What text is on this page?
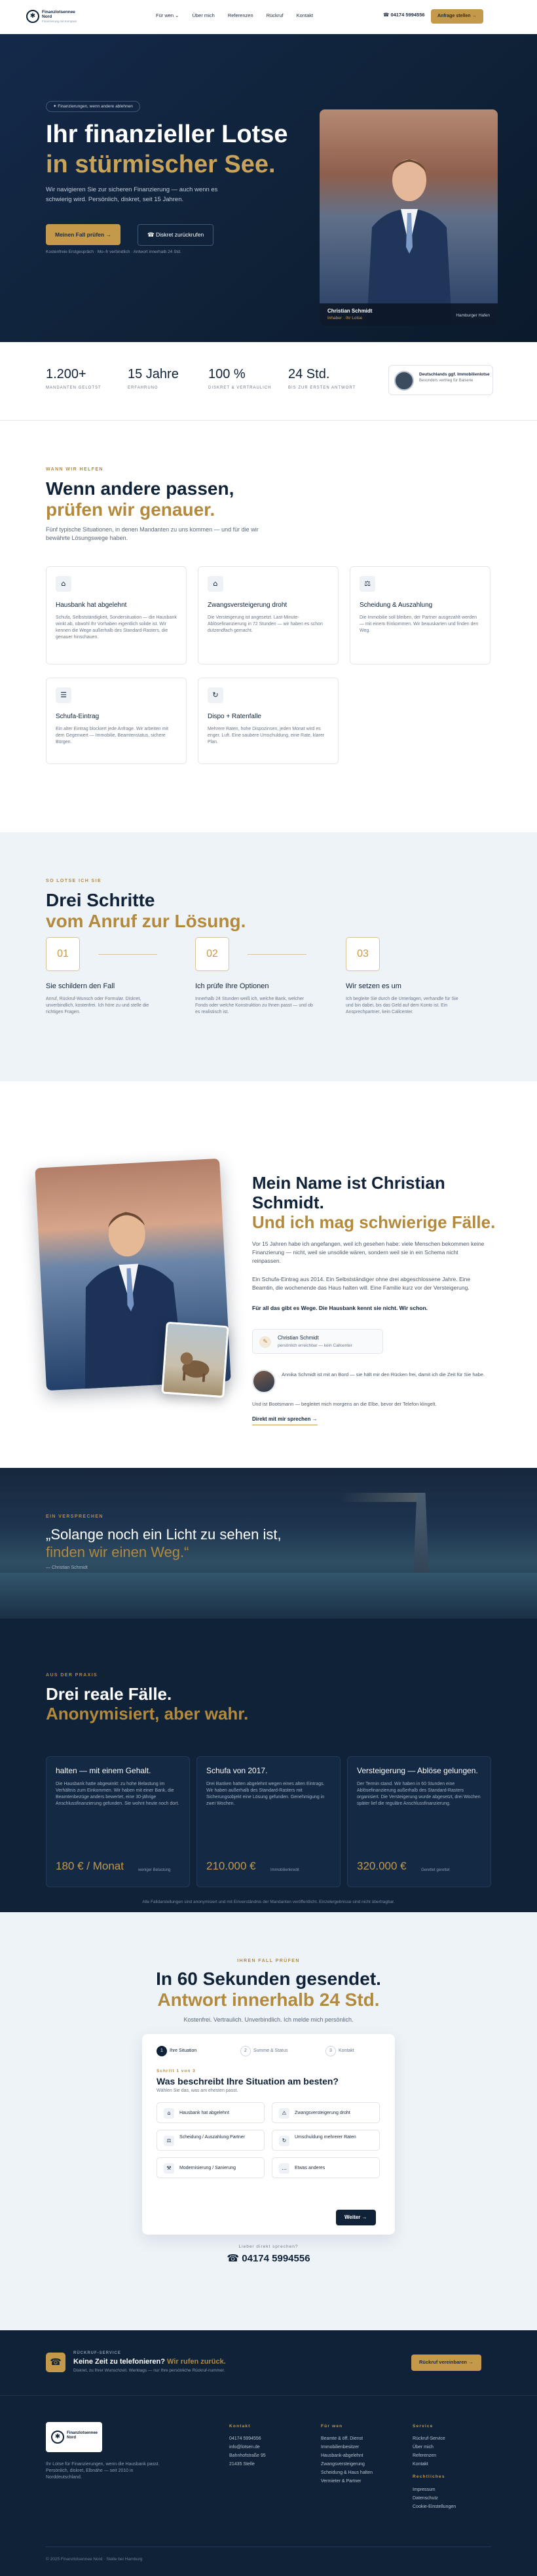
✱
Finanzlotsennee Nord
Finanzierung mit Kompass
Für wen ⌄	Über mich	Referenzen	Rückruf	Kontakt	☎ 04174 5994556	Anfrage stellen →
✦ Finanzierungen, wenn andere ablehnen
Ihr finanzieller Lotse
in stürmischer See.
Wir navigieren Sie zur sicheren Finanzierung — auch wenn es schwierig wird. Persönlich, diskret, seit 15 Jahren.
Meinen Fall prüfen →	☎ Diskret zurückrufen
Kostenfreie Erstgespräch · Mo–fr verbindlich · Antwort innerhalb 24 Std.
Christian Schmidt
Inhaber · Ihr Lotse
Hamburger Hafen
1.200+
MANDANTEN GELOTST
15 Jahre
ERFAHRUNG
100 %
DISKRET & VERTRAULICH
24 Std.
BIS ZUR ERSTEN ANTWORT
Deutschlands ggf. Immobilienlotse
Besonders vertrieg für Baiserie
WANN WIR HELFEN
Wenn andere passen,
prüfen wir genauer.
Fünf typische Situationen, in denen Mandanten zu uns kommen — und für die wir bewährte Lösungswege haben.
⌂
Hausbank hat abgelehnt
Schufa, Selbstständigkeit, Sondersituation — die Hausbank winkt ab, obwohl Ihr Vorhaben eigentlich solide ist. Wir kennen die Wege außerhalb des Standard-Rasters, die genauer hinschauen.
⌂
Zwangsversteigerung droht
Die Versteigerung ist angesetzt. Last-Minute-Ablösefinanzierung in 72 Stunden — wir haben es schon dutzendfach gemacht.
⚖
Scheidung & Auszahlung
Die Immobilie soll bleiben, der Partner ausgezahlt werden — mit einem Einkommen. Wir beauskarten und finden den Weg.
☰
Schufa-Eintrag
Ein alter Eintrag blockiert jede Anfrage. Wir arbeiten mit dem Gegenwert — Immobilie, Beamtenstatus, sichere Bürgen.
↻
Dispo + Ratenfalle
Mehrere Raten, hohe Dispozinsen, jeden Monat wird es enger. Luft. Eine saubere Umschuldung, eine Rate, klarer Plan.
SO LOTSE ICH SIE
Drei Schritte
vom Anruf zur Lösung.
01
Sie schildern den Fall
Anruf, Rückruf-Wunsch oder Formular. Diskret, unverbindlich, kostenfrei. Ich höre zu und stelle die richtigen Fragen.
02
Ich prüfe Ihre Optionen
Innerhalb 24 Stunden weiß ich, welche Bank, welcher Fonds oder welche Konstruktion zu Ihnen passt — und ob es realistisch ist.
03
Wir setzen es um
Ich begleite Sie durch die Unterlagen, verhandle für Sie und bin dabei, bis das Geld auf dem Konto ist. Ein Ansprechpartner, kein Callcenter.
Mein Name ist Christian
Schmidt.
Und ich mag schwierige Fälle.
Vor 15 Jahren habe ich angefangen, weil ich gesehen habe: viele Menschen bekommen keine Finanzierung — nicht, weil sie unsolide wären, sondern weil sie in ein Schema nicht reinpassen.
Ein Schufa-Eintrag aus 2014. Ein Selbstständiger ohne drei abgeschlossene Jahre. Eine Beamtin, die wochenende das Haus halten will. Eine Familie kurz vor der Versteigerung.
Für all das gibt es Wege. Die Hausbank kennt sie nicht. Wir schon.
✎
Christian Schmidt
persönlich erreichbar — kein Callcenter
Annika Schmidt ist mit an Bord — sie hält mir den Rücken frei, damit ich die Zeit für Sie habe.
Und ist Bootsmann — begleitet mich morgens an die Elbe, bevor der Telefon klingelt.
Direkt mit mir sprechen →
EIN VERSPRECHEN
„Solange noch ein Licht zu sehen ist,
finden wir einen Weg.“
— Christian Schmidt
AUS DER PRAXIS
Drei reale Fälle.
Anonymisiert, aber wahr.
halten — mit einem Gehalt.
Die Hausbank hatte abgewinkt: zu hohe Belastung im Verhältnis zum Einkommen. Wir haben mit einer Bank, die Beamtenbezüge anders bewertet, eine 30-jährige Anschlussfinanzierung gefunden. Sie wohnt heute noch dort.
180 € / Monat	weniger Belastung
Schufa von 2017.
Drei Banken hatten abgelehnt wegen eines alten Eintrags. Wir haben außerhalb des Standard-Rasters mit Sicherungsobjekt eine Lösung gefunden. Genehmigung in zwei Wochen.
210.000 €	Immobilienkredit
Versteigerung — Ablöse gelungen.
Der Termin stand. Wir haben in 60 Stunden eine Ablösefinanzierung außerhalb des Standard-Rasters organisiert. Die Versteigerung wurde abgesetzt, drei Wochen später lief die reguläre Anschlussfinanzierung.
320.000 €	Gerettet gerettet
Alle Falldarstellungen sind anonymisiert und mit Einverständnis der Mandanten veröffentlicht. Einzelergebnisse sind nicht übertragbar.
IHREN FALL PRÜFEN
In 60 Sekunden gesendet.
Antwort innerhalb 24 Std.
Kostenfrei. Vertraulich. Unverbindlich. Ich melde mich persönlich.
1 Ihre Situation	2 Summe & Status	3 Kontakt
Schritt 1 von 3
Was beschreibt Ihre Situation am besten?
Wählen Sie das, was am ehesten passt.
⌂	Hausbank hat abgelehnt	⚠	Zwangsversteigerung droht
⚖
Scheidung / Auszahlung Partner
↻
Umschuldung mehrerer Raten
⚒	Modernisierung / Sanierung	…	Etwas anderes
Weiter →
Lieber direkt sprechen?
☎ 04174 5994556
☎
RÜCKRUF-SERVICE
Keine Zeit zu telefonieren? Wir rufen zurück.
Diskret, zu Ihrer Wunschzeit. Werktags — nur Ihre persönliche Rückruf-nummer.
Rückruf vereinbaren →
✱	Finanzlotsennee Nord
Ihr Lotse für Finanzierungen, wenn die Hausbank passt. Persönlich, diskret, Elbnähe — seit 2010 in Norddeutschland.
Kontakt
04174 5994556
info@lotsen.de
Bahnhofstraße 95
21435 Stelle
Für wen
Beamte & öff. Dienst
Immobilienbesitzer
Hausbank-abgelehnt
Zwangsversteigerung
Scheidung & Haus halten
Vermieter & Partner
Service
Rückruf-Service
Über mich
Referenzen
Kontakt
Rechtliches
Impressum
Datenschutz
Cookie-Einstellungen
© 2025 Finanzlotsennee Nord · Stelle bei Hamburg
